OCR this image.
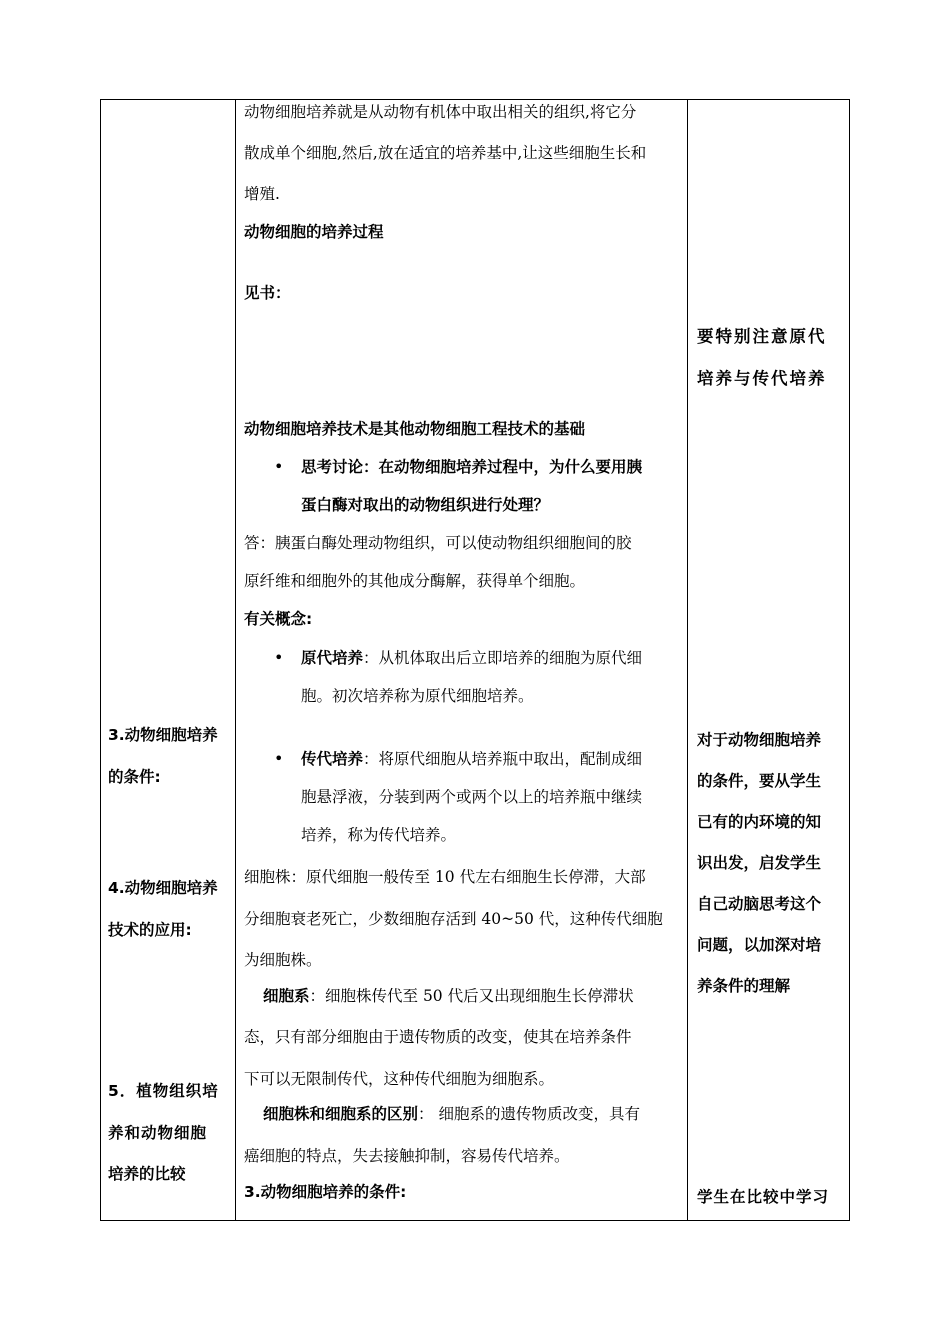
3.动物细胞培养
的条件:
4.动物细胞培养
技术的应用:
5．植物组织培
养和动物细胞
培养的比较
动物细胞培养就是从动物有机体中取出相关的组织,将它分
散成单个细胞,然后,放在适宜的培养基中,让这些细胞生长和
增殖.
动物细胞的培养过程
见书：
动物细胞培养技术是其他动物细胞工程技术的基础
• 思考讨论：在动物细胞培养过程中，为什么要用胰
蛋白酶对取出的动物组织进行处理？
答：胰蛋白酶处理动物组织，可以使动物组织细胞间的胶
原纤维和细胞外的其他成分酶解，获得单个细胞。
有关概念:
• 原代培养：从机体取出后立即培养的细胞为原代细
胞。初次培养称为原代细胞培养。
• 传代培养：将原代细胞从培养瓶中取出，配制成细
胞悬浮液，分装到两个或两个以上的培养瓶中继续
培养，称为传代培养。
细胞株：原代细胞一般传至 10 代左右细胞生长停滞，大部
分细胞衰老死亡，少数细胞存活到 40~50 代，这种传代细胞
为细胞株。
细胞系：细胞株传代至 50 代后又出现细胞生长停滞状
态，只有部分细胞由于遗传物质的改变，使其在培养条件
下可以无限制传代，这种传代细胞为细胞系。
细胞株和细胞系的区别： 细胞系的遗传物质改变，具有
癌细胞的特点，失去接触抑制，容易传代培养。
3.动物细胞培养的条件:
要特别注意原代
培养与传代培养
对于动物细胞培养
的条件，要从学生
已有的内环境的知
识出发，启发学生
自己动脑思考这个
问题，以加深对培
养条件的理解
学生在比较中学习
